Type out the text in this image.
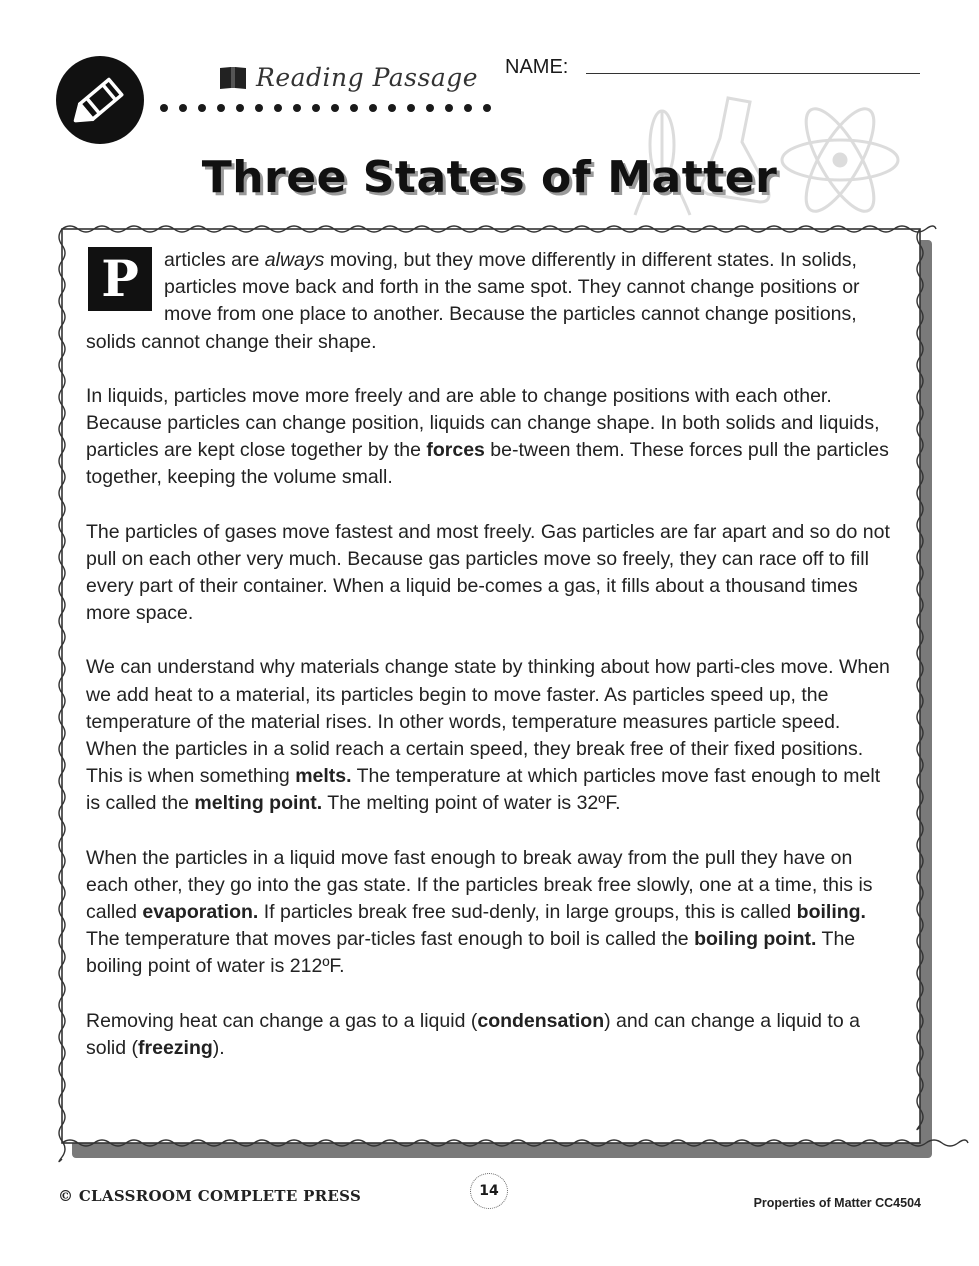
Reading Passage NAME:
Three States of Matter

P	articles are always moving, but they move differently in different states. In solids, particles move back and forth in the same spot. They cannot change positions or move from one place to another. Because the particles cannot change positions, solids cannot change their shape.

In liquids, particles move more freely and are able to change positions with each other. Because particles can change position, liquids can change shape. In both solids and liquids, particles are kept close together by the forces be-tween them. These forces pull the particles together, keeping the volume small.

The particles of gases move fastest and most freely. Gas particles are far apart and so do not pull on each other very much. Because gas particles move so freely, they can race off to fill every part of their container. When a liquid be-comes a gas, it fills about a thousand times more space.

We can understand why materials change state by thinking about how parti-cles move. When we add heat to a material, its particles begin to move faster. As particles speed up, the temperature of the material rises. In other words, temperature measures particle speed. When the particles in a solid reach a certain speed, they break free of their fixed positions. This is when something melts. The temperature at which particles move fast enough to melt is called the melting point. The melting point of water is 32ºF.

When the particles in a liquid move fast enough to break away from the pull they have on each other, they go into the gas state. If the particles break free slowly, one at a time, this is called evaporation. If particles break free sud-denly, in large groups, this is called boiling. The temperature that moves par-ticles fast enough to boil is called the boiling point. The boiling point of water is 212ºF.

Removing heat can change a gas to a liquid (condensation) and can change a liquid to a solid (freezing).

© CLASSROOM COMPLETE PRESS	14
Properties of Matter CC4504
